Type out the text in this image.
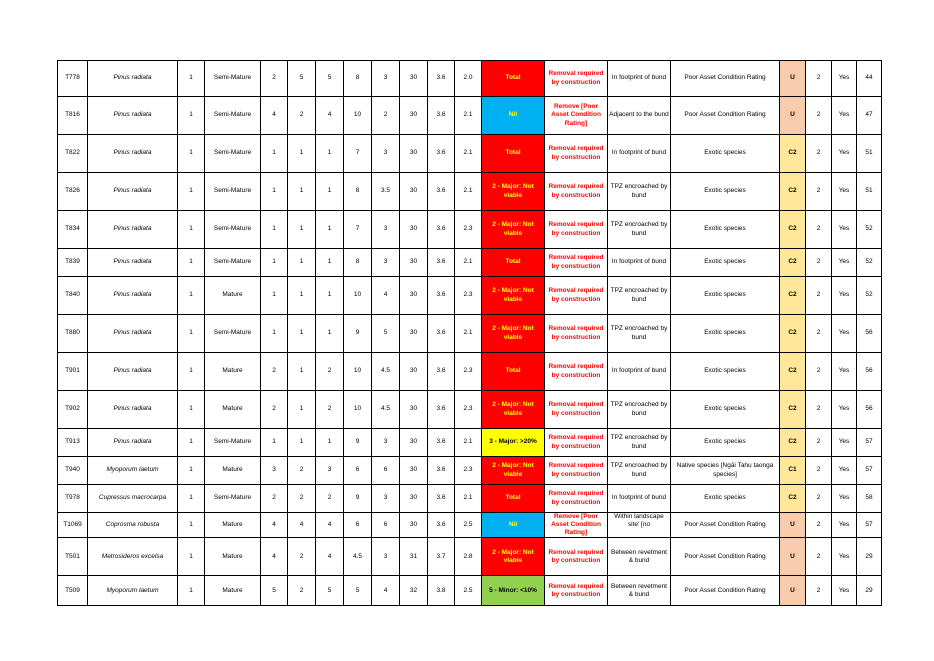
T778	Pinus radiata	1	Semi-Mature	2	5	5	8	3	30	3.6	2.0	Total	Removal required by construction	In footprint of bund	Poor Asset Condition Rating	U	2	Yes	44
T816	Pinus radiata	1	Semi-Mature	4	2	4	10	2	30	3.6	2.1	Nil	Remove [Poor Asset Condition Rating]	Adjacent to the bund	Poor Asset Condition Rating	U	2	Yes	47
T822	Pinus radiata	1	Semi-Mature	1	1	1	7	3	30	3.6	2.1	Total	Removal required by construction	In footprint of bund	Exotic species	C2	2	Yes	51
T826	Pinus radiata	1	Semi-Mature	1	1	1	8	3.5	30	3.6	2.1	2 - Major: Not viable	Removal required by construction	TPZ encroached by bund	Exotic species	C2	2	Yes	51
T834	Pinus radiata	1	Semi-Mature	1	1	1	7	3	30	3.6	2.3	2 - Major: Not viable	Removal required by construction	TPZ encroached by bund	Exotic species	C2	2	Yes	52
T839	Pinus radiata	1	Semi-Mature	1	1	1	8	3	30	3.6	2.1	Total	Removal required by construction	In footprint of bund	Exotic species	C2	2	Yes	52
T840	Pinus radiata	1	Mature	1	1	1	10	4	30	3.6	2.3	2 - Major: Not viable	Removal required by construction	TPZ encroached by bund	Exotic species	C2	2	Yes	52
T880	Pinus radiata	1	Semi-Mature	1	1	1	9	5	30	3.6	2.1	2 - Major: Not viable	Removal required by construction	TPZ encroached by bund	Exotic species	C2	2	Yes	56
T901	Pinus radiata	1	Mature	2	1	2	10	4.5	30	3.6	2.3	Total	Removal required by construction	In footprint of bund	Exotic species	C2	2	Yes	56
T902	Pinus radiata	1	Mature	2	1	2	10	4.5	30	3.6	2.3	2 - Major: Not viable	Removal required by construction	TPZ encroached by bund	Exotic species	C2	2	Yes	56
T913	Pinus radiata	1	Semi-Mature	1	1	1	9	3	30	3.6	2.1	3 - Major: >20%	Removal required by construction	TPZ encroached by bund	Exotic species	C2	2	Yes	57
T940	Myoporum laetum	1	Mature	3	2	3	6	6	30	3.6	2.3	2 - Major: Not viable	Removal required by construction	TPZ encroached by bund	Native species [Ngāi Tahu taonga species]	C1	2	Yes	57
T978	Cupressus macrocarpa	1	Semi-Mature	2	2	2	9	3	30	3.6	2.1	Total	Removal required by construction	In footprint of bund	Exotic species	C2	2	Yes	58
T1069	Coprosma robusta	1	Mature	4	4	4	6	6	30	3.6	2.5	Nil	Remove [Poor Asset Condition Rating]	Within landscape site' [no	Poor Asset Condition Rating	U	2	Yes	57
T501	Metrosideros excelsa	1	Mature	4	2	4	4.5	3	31	3.7	2.8	2 - Major: Not viable	Removal required by construction	Between revetment & bund	Poor Asset Condition Rating	U	2	Yes	29
T509	Myoporum laetum	1	Mature	5	2	5	5	4	32	3.8	2.5	5 - Minor: <10%	Removal required by construction	Between revetment & bund	Poor Asset Condition Rating	U	2	Yes	29
